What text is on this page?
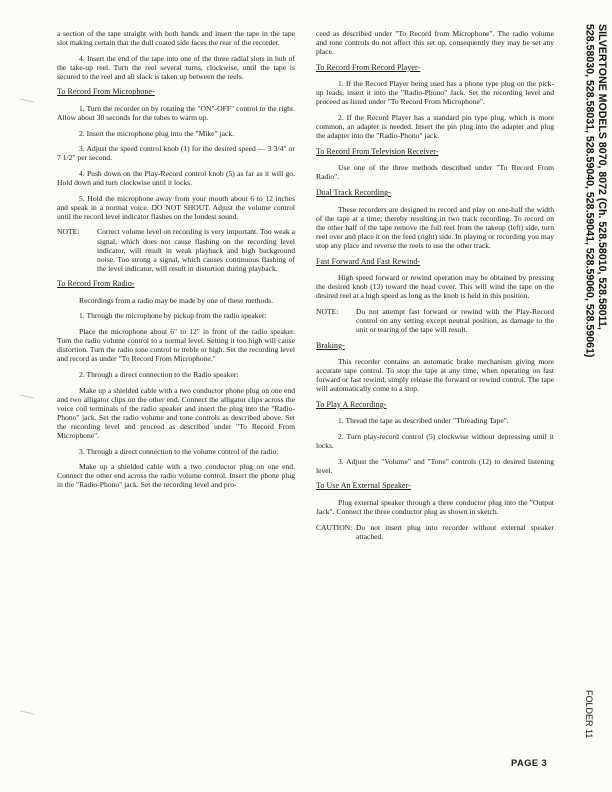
a section of the tape straight with both hands and insert the tape in the tape slot making certain that the dull coated side faces the rear of the recorder.

4. Insert the end of the tape into one of the three radial slots in hub of the take-up reel. Turn the reel several turns, clockwise, until the tape is secured to the reel and all slack is taken up between the reels.

To Record From Microphone-

1. Turn the recorder on by rotating the "ON"-OFF" control to the right. Allow about 30 seconds for the tubes to warm up.

2. Insert the microphone plug into the "Mike" jack.

3. Adjust the speed control knob (1) for the desired speed — 3 3/4" or 7 1/2" per second.

4. Push down on the Play-Record control knob (5) as far as it will go. Hold down and turn clockwise until it locks.

5. Hold the microphone away from your mouth about 6 to 12 inches and speak in a normal voice. DO NOT SHOUT. Adjust the volume control until the record level indicator flashes on the loudest sound.

NOTE:	Correct volume level on recording is very important. Too weak a signal, which does not cause flashing on the recording level indicator, will result in weak playback and high background noise. Too strong a signal, which causes continuous flashing of the level indicator, will result in distortion during playback.
To Record From Radio-

Recordings from a radio may be made by one of these methods.

1. Through the microphone by pickup from the radio speaker:

Place the microphone about 6" to 12" in front of the radio speaker. Turn the radio volume control to a normal level. Setting it too high will cause distortion. Turn the radio tone control to treble or high. Set the recording level and record as under "To Record From Microphone."

2. Through a direct connection to the Radio speaker:

Make up a shielded cable with a two conductor phone plug on one end and two alligator clips on the other end. Connect the alligator clips across the voice coil terminals of the radio speaker and insert the plug into the "Radio-Phono" jack. Set the radio volume and tone controls as described above. Set the recording level and proceed as described under "To Record From Microphone".

3. Through a direct connection to the volume control of the radio:

Make up a shielded cable with a two conductor plug on one end. Connect the other end across the radio volume control. Insert the phone plug in the "Radio-Phono" jack. Set the recording level and pro-

ceed as described under "To Record from Microphone". The radio volume and tone controls do not affect this set up, consequently they may be set any place.

To Record From Record Player-

1. If the Record Player being used has a phone type plug on the pick-up leads, insert it into the "Radio-Phono" Jack. Set the recording level and proceed as listed under "To Record From Microphone".

2. If the Record Player has a standard pin type plug, which is more common, an adapter is needed. Insert the pin plug into the adapter and plug the adapter into the "Radio-Phono" jack.

To Record From Television Receiver-

Use one of the three methods described under "To Record From Radio".

Dual Track Recording-

These recorders are designed to record and play on one-half the width of the tape at a time; thereby resulting in two track recording. To record on the other half of the tape remove the full reel from the takeup (left) side, turn reel over and place it on the feed (right) side. In playing or recording you may stop any place and reverse the reels to use the other track.

Fast Forward And Fast Rewind-

High speed forward or rewind operation may be obtained by pressing the desired knob (13) toward the head cover. This will wind the tape on the desired reel at a high speed as long as the knob is held in this position.

NOTE:	Do not attempt fast forward or rewind with the Play-Record control on any setting except neutral position, as damage to the unit or tearing of the tape will result.
Braking-

This recorder contains an automatic brake mechanism giving more accurate tape control. To stop the tape at any time, when operating on fast forward or fast rewind, simply release the forward or rewind control. The tape will automatically come to a stop.

To Play A Recording-

1. Thread the tape as described under "Threading Tape".

2. Turn play-record control (5) clockwise without depressing until it locks.

3. Adjust the "Volume" and "Tone" controls (12) to desired listening level.

To Use An External Speaker-

Plug external speaker through a three conductor plug into the "Output Jack". Connect the three conductor plug as shown in sketch.

CAUTION: Do not insert plug into recorder without external speaker attached.
SILVERTONE MODELS 8070, 8072 (Ch. 528.58010, 528.58011,
528.58030, 528.58031, 528.59040, 528.59041, 528.59060, 528.59061)
FOLDER 11
PAGE 3
